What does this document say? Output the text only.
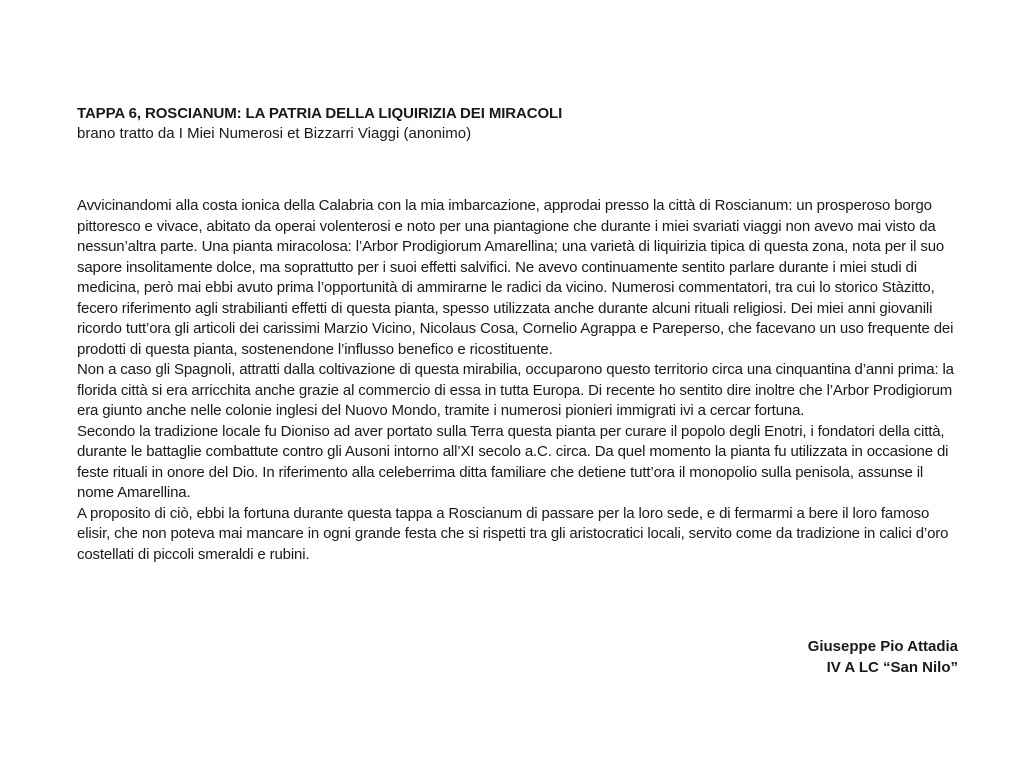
TAPPA 6, ROSCIANUM: LA PATRIA DELLA LIQUIRIZIA DEI MIRACOLI

brano tratto da I Miei Numerosi et Bizzarri Viaggi (anonimo)

Avvicinandomi alla costa ionica della Calabria con la mia imbarcazione, approdai presso la città di Roscianum: un prosperoso borgo pittoresco e vivace, abitato da operai volenterosi e noto per una piantagione che durante i miei svariati viaggi non avevo mai visto da nessun’altra parte. Una pianta miracolosa: l’Arbor Prodigiorum Amarellina; una varietà di liquirizia tipica di questa zona, nota per il suo sapore insolitamente dolce, ma soprattutto per i suoi effetti salvifici. Ne avevo continuamente sentito parlare durante i miei studi di medicina, però mai ebbi avuto prima l’opportunità di ammirarne le radici da vicino. Numerosi commentatori, tra cui lo storico Stàzitto, fecero riferimento agli strabilianti effetti di questa pianta, spesso utilizzata anche durante alcuni rituali religiosi. Dei miei anni giovanili ricordo tutt’ora gli articoli dei carissimi Marzio Vicino, Nicolaus Cosa, Cornelio Agrappa e Pareperso, che facevano un uso frequente dei prodotti di questa pianta, sostenendone l’influsso benefico e ricostituente.

Non a caso gli Spagnoli, attratti dalla coltivazione di questa mirabilia, occuparono questo territorio circa una cinquantina d’anni prima: la florida città si era arricchita anche grazie al commercio di essa in tutta Europa. Di recente ho sentito dire inoltre che l’Arbor Prodigiorum era giunto anche nelle colonie inglesi del Nuovo Mondo, tramite i numerosi pionieri immigrati ivi a cercar fortuna.

Secondo la tradizione locale fu Dioniso ad aver portato sulla Terra questa pianta per curare il popolo degli Enotri, i fondatori della città, durante le battaglie combattute contro gli Ausoni intorno all’XI secolo a.C. circa. Da quel momento la pianta fu utilizzata in occasione di feste rituali in onore del Dio. In riferimento alla celeberrima ditta familiare che detiene tutt’ora il monopolio sulla penisola, assunse il nome Amarellina.

A proposito di ciò, ebbi la fortuna durante questa tappa a Roscianum di passare per la loro sede, e di fermarmi a bere il loro famoso elisir, che non poteva mai mancare in ogni grande festa che si rispetti tra gli aristocratici locali, servito come da tradizione in calici d’oro costellati di piccoli smeraldi e rubini.

Giuseppe Pio Attadia
IV A LC “San Nilo”
